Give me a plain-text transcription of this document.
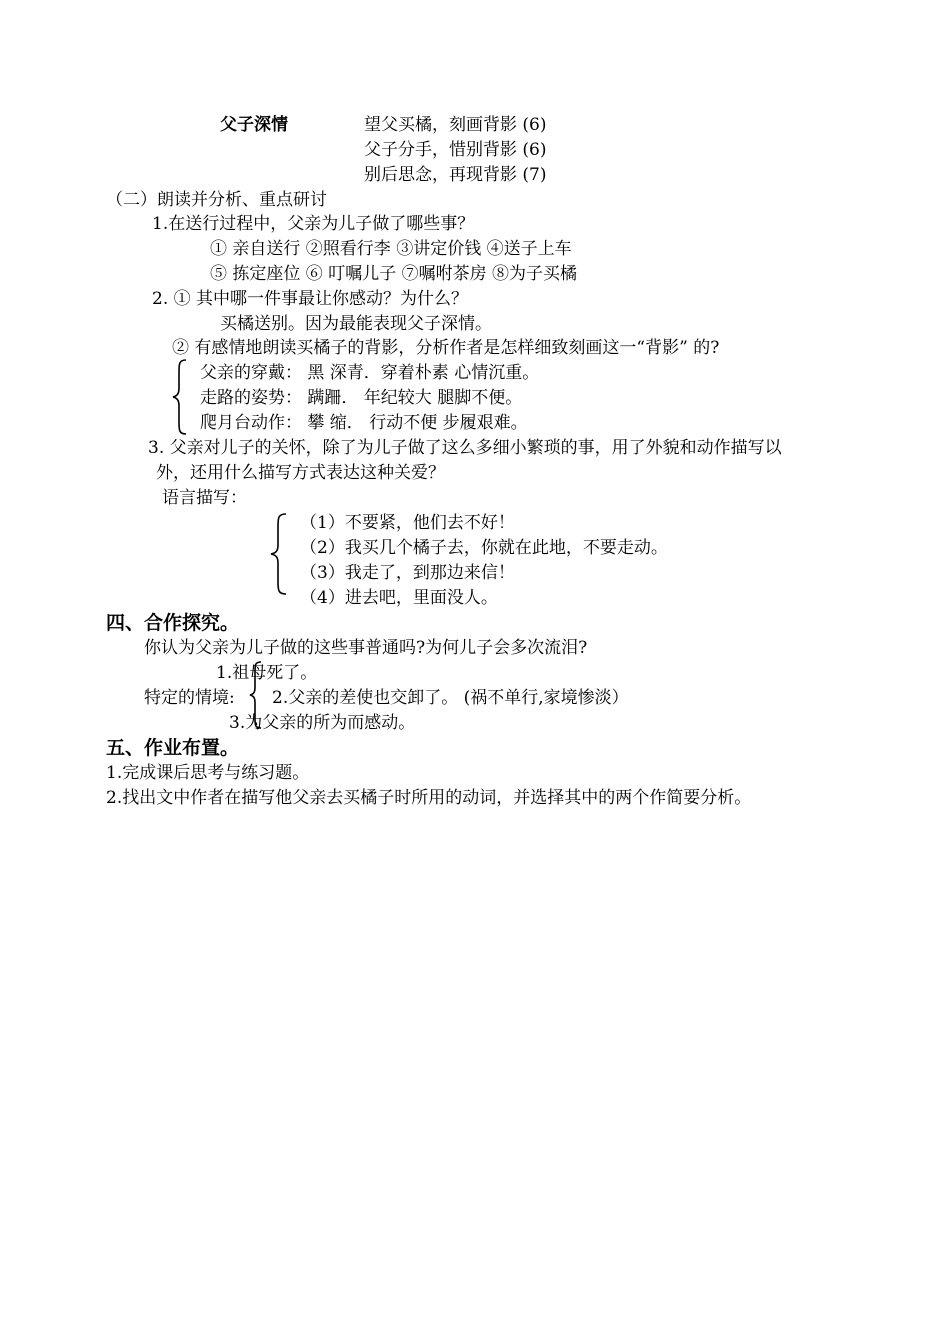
父子深情	望父买橘，刻画背影 (6)
父子分手，惜别背影 (6)
别后思念，再现背影 (7)
（二）朗读并分析、重点研讨
1.在送行过程中，父亲为儿子做了哪些事？
① 亲自送行 ②照看行李 ③讲定价钱 ④送子上车
⑤ 拣定座位 ⑥ 叮嘱儿子 ⑦嘱咐茶房 ⑧为子买橘
2. ① 其中哪一件事最让你感动？为什么？
买橘送别。因为最能表现父子深情。
② 有感情地朗读买橘子的背影，分析作者是怎样细致刻画这一“背影” 的?
父亲的穿戴： 黑 深青．穿着朴素 心情沉重。
走路的姿势： 蹒跚． 年纪较大 腿脚不便。
爬月台动作： 攀 缩． 行动不便 步履艰难。
3. 父亲对儿子的关怀，除了为儿子做了这么多细小繁琐的事，用了外貌和动作描写以
外，还用什么描写方式表达这种关爱？
语言描写：
（1）不要紧，他们去不好！
（2）我买几个橘子去，你就在此地，不要走动。
（3）我走了，到那边来信！
（4）进去吧，里面没人。
四、合作探究。
你认为父亲为儿子做的这些事普通吗?为何儿子会多次流泪?
1.祖母死了。
特定的情境: 2.父亲的差使也交卸了。 (祸不单行,家境惨淡）
3.为父亲的所为而感动。
五、作业布置。
1.完成课后思考与练习题。
2.找出文中作者在描写他父亲去买橘子时所用的动词，并选择其中的两个作简要分析。
